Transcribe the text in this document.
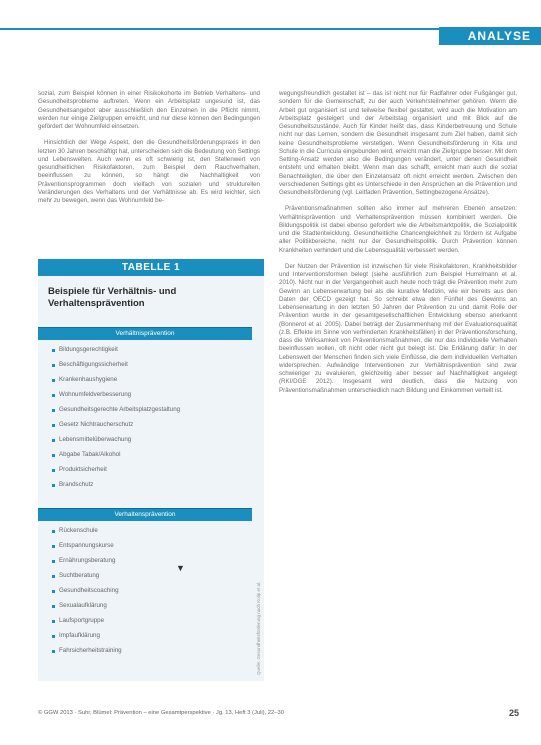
ANALYSE

sozial, zum Beispiel können in einer Risikokohorte im Betrieb Verhaltens- und Gesundheitsprobleme auftreten. Wenn ein Arbeitsplatz ungesund ist, das Gesundheitsangebot aber ausschließlich den Einzelnen in die Pflicht nimmt, werden nur einige Zielgruppen erreicht, und nur diese können den Bedingungen gefördert der Wohnumfeld einsetzen.

Hinsichtlich der Wege Aspekt, den die Gesundheitsförderungspraxis in den letzten 30 Jahren beschäftigt hat, unterscheiden sich die Bedeutung von Settings und Lebenswelten. Auch wenn es oft schwierig ist, den Stellenwert von gesundheitlichen Risikofaktoren, zum Beispiel dem Rauchverhalten, beeinflussen zu können, so hängt die Nachhaltigkeit von Präventionsprogrammen doch vielfach von sozialen und strukturellen Veränderungen des Verhaltens und der Verhältnisse ab. Es wird leichter, sich mehr zu bewegen, wenn das Wohnumfeld be-

TABELLE 1
Beispiele für Verhältnis- und Verhaltensprävention
Verhältnisprävention
Bildungsgerechtigkeit
Beschäftigungssicherheit
Krankenhaushygiene
Wohnumfeldverbesserung
Gesundheitsgerechte Arbeitsplatzgestaltung
Gesetz Nichtraucherschutz
Lebensmittelüberwachung
Abgabe Tabak/Alkohol
Produktsicherheit
Brandschutz
Verhaltensprävention
Rückenschule
Entspannungskurse
Ernährungsberatung
Suchtberatung
Gesundheitscoaching
Sexualaufklärung
Laufsportgruppe
Impfaufklärung
Fahrsicherheitstraining	Quelle: Gesundheitsförderung nach Kolip et al.
▼

wegungsfreundlich gestaltet ist – das ist nicht nur für Radfahrer oder Fußgänger gut, sondern für die Gemeinschaft, zu der auch Verkehrsteilnehmer gehören. Wenn die Arbeit gut organisiert ist und teilweise flexibel gestaltet, wird auch die Motivation am Arbeitsplatz gesteigert und der Arbeitstag organisiert und mit Blick auf die Gesundheitszustände. Auch für Kinder heißt das, dass Kinderbetreuung und Schule nicht nur das Lernen, sondern die Gesundheit insgesamt zum Ziel haben, damit sich keine Gesundheitsprobleme verstetigen. Wenn Gesundheitsförderung in Kita und Schule in die Curricula eingebunden wird, erreicht man die Zielgruppe besser. Mit dem Setting-Ansatz werden also die Bedingungen verändert, unter denen Gesundheit entsteht und erhalten bleibt. Wenn man das schafft, erreicht man auch die sozial Benachteiligten, die über den Einzelansatz oft nicht erreicht werden. Zwischen den verschiedenen Settings gibt es Unterschiede in den Ansprüchen an die Prävention und Gesundheitsförderung (vgl. Leitfaden Prävention, Settingbezogene Ansätze).

Präventionsmaßnahmen sollten also immer auf mehreren Ebenen ansetzen: Verhältnisprävention und Verhaltensprävention müssen kombiniert werden. Die Bildungspolitik ist dabei ebenso gefordert wie die Arbeitsmarktpolitik, die Sozialpolitik und die Stadtentwicklung. Gesundheitliche Chancengleichheit zu fördern ist Aufgabe aller Politikbereiche, nicht nur der Gesundheitspolitik. Durch Prävention können Krankheiten verhindert und die Lebensqualität verbessert werden.

Der Nutzen der Prävention ist inzwischen für viele Risikofaktoren, Krankheitsbilder und Interventionsformen belegt (siehe ausführlich zum Beispiel Hurrelmann et al. 2010). Nicht nur in der Vergangenheit auch heute noch trägt die Prävention mehr zum Gewinn an Lebenserwartung bei als die kurative Medizin, wie wir bereits aus den Daten der OECD gezeigt hat. So schreibt etwa den Fünftel des Gewinns an Lebenserwartung in den letzten 50 Jahren der Prävention zu und damit Rolle der Prävention wurde in der gesamtgesellschaftlichen Entwicklung ebenso anerkannt (Bonnerot et al. 2005). Dabei beträgt der Zusammenhang mit der Evaluationsqualität (z.B. Effekte im Sinne von verhinderten Krankheitsfällen) in der Präventionsforschung, dass die Wirksamkeit von Präventionsmaßnahmen, die nur das individuelle Verhalten beeinflussen wollen, oft nicht oder nicht gut belegt ist. Die Erklärung dafür: In der Lebenswelt der Menschen finden sich viele Einflüsse, die dem individuellen Verhalten widersprechen. Aufwändige Interventionen zur Verhältnisprävention sind zwar schwieriger zu evaluieren, gleichzeitig aber besser auf Nachhaltigkeit angelegt (RKI/DGE 2012). Insgesamt wird deutlich, dass die Nutzung von Präventionsmaßnahmen unterschiedlich nach Bildung und Einkommen verteilt ist.

© GGW 2013 · Suhr, Blümel: Prävention – eine Gesamtperspektive · Jg. 13, Heft 3 (Juli), 22–30	25
